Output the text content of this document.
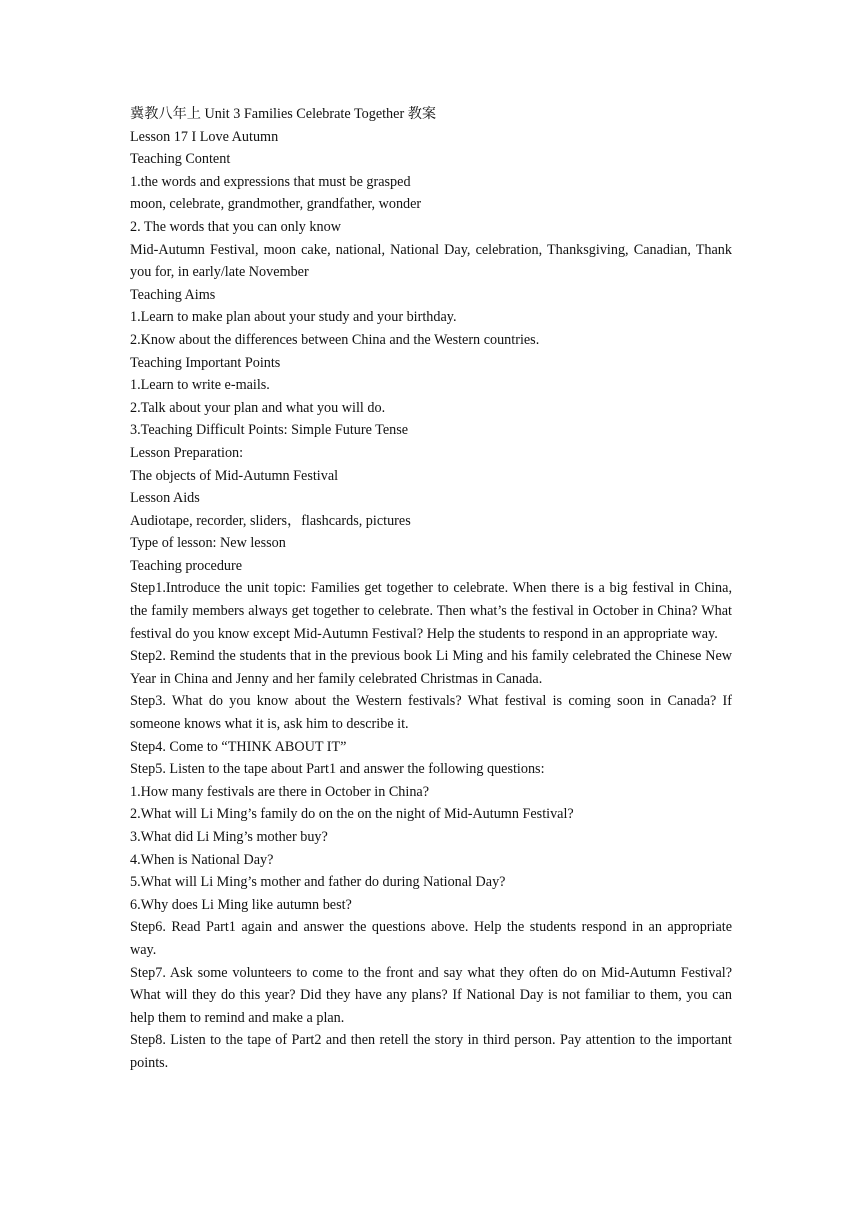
冀教八年上 Unit 3 Families Celebrate Together 教案
Lesson 17 I Love Autumn
Teaching Content
1.the words and expressions that must be grasped
moon, celebrate, grandmother, grandfather, wonder
2. The words that you can only know
Mid-Autumn Festival, moon cake, national, National Day, celebration, Thanksgiving, Canadian, Thank you for, in early/late November
Teaching Aims
1.Learn to make plan about your study and your birthday.
2.Know about the differences between China and the Western countries.
Teaching Important Points
1.Learn to write e-mails.
2.Talk about your plan and what you will do.
3.Teaching Difficult Points: Simple Future Tense
Lesson Preparation:
The objects of Mid-Autumn Festival
Lesson Aids
Audiotape, recorder, sliders，flashcards, pictures
Type of lesson: New lesson
Teaching procedure
Step1.Introduce the unit topic: Families get together to celebrate. When there is a big festival in China, the family members always get together to celebrate. Then what’s the festival in October in China? What festival do you know except Mid-Autumn Festival? Help the students to respond in an appropriate way.
Step2. Remind the students that in the previous book Li Ming and his family celebrated the Chinese New Year in China and Jenny and her family celebrated Christmas in Canada.
Step3. What do you know about the Western festivals? What festival is coming soon in Canada? If someone knows what it is, ask him to describe it.
Step4. Come to “THINK ABOUT IT”
Step5. Listen to the tape about Part1 and answer the following questions:
1.How many festivals are there in October in China?
2.What will Li Ming’s family do on the on the night of Mid-Autumn Festival?
3.What did Li Ming’s mother buy?
4.When is National Day?
5.What will Li Ming’s mother and father do during National Day?
6.Why does Li Ming like autumn best?
Step6. Read Part1 again and answer the questions above. Help the students respond in an appropriate way.
Step7. Ask some volunteers to come to the front and say what they often do on Mid-Autumn Festival? What will they do this year? Did they have any plans? If National Day is not familiar to them, you can help them to remind and make a plan.
Step8. Listen to the tape of Part2 and then retell the story in third person. Pay attention to the important points.
